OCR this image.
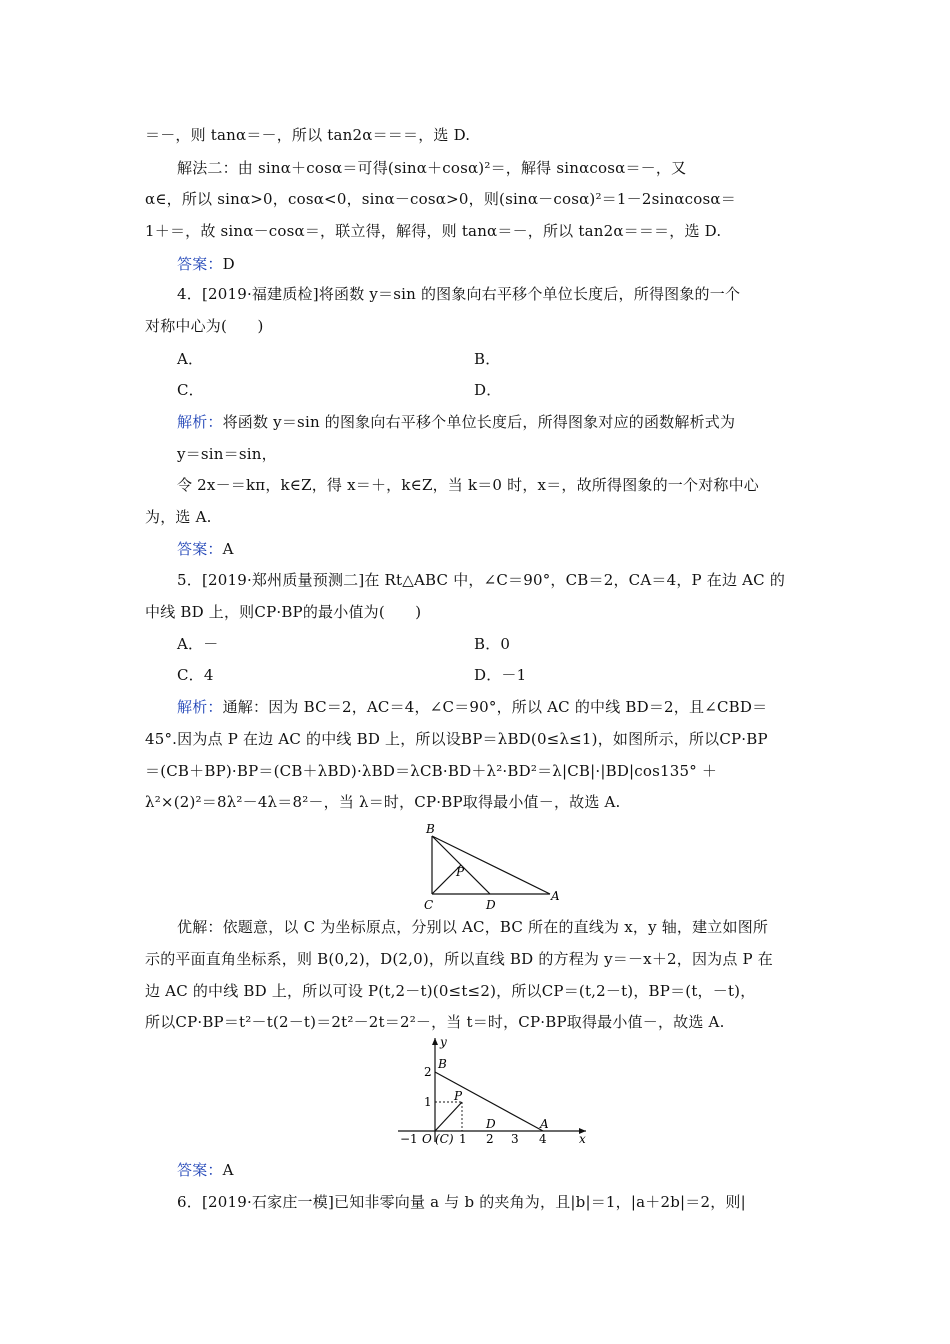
＝－，则 tanα＝－，所以 tan2α＝＝＝，选 D.
解法二：由 sinα＋cosα＝可得(sinα＋cosα)²＝，解得 sinαcosα＝－，又
α∈，所以 sinα>0，cosα<0，sinα－cosα>0，则(sinα－cosα)²＝1－2sinαcosα＝
1＋＝，故 sinα－cosα＝，联立得，解得，则 tanα＝－，所以 tan2α＝＝＝，选 D.
答案：D
4．[2019·福建质检]将函数 y＝sin 的图象向右平移个单位长度后，所得图象的一个
对称中心为(　　)
A．	B．
C．	D．
解析：将函数 y＝sin 的图象向右平移个单位长度后，所得图象对应的函数解析式为
y＝sin＝sin，
令 2x－＝kπ，k∈Z，得 x＝＋，k∈Z，当 k＝0 时，x＝，故所得图象的一个对称中心
为，选 A.
答案：A
5．[2019·郑州质量预测二]在 Rt△ABC 中，∠C＝90°，CB＝2，CA＝4，P 在边 AC 的
中线 BD 上，则CP·BP的最小值为(　　)
A．－	B．0
C．4	D．－1
解析：通解：因为 BC＝2，AC＝4，∠C＝90°，所以 AC 的中线 BD＝2，且∠CBD＝
45°.因为点 P 在边 AC 的中线 BD 上，所以设BP＝λBD(0≤λ≤1)，如图所示，所以CP·BP
＝(CB＋BP)·BP＝(CB＋λBD)·λBD＝λCB·BD＋λ²·BD²＝λ|CB|·|BD|cos135° ＋
λ²×(2)²＝8λ²－4λ＝8²－，当 λ＝时，CP·BP取得最小值－，故选 A.
B
P
C	D
A
优解：依题意，以 C 为坐标原点，分别以 AC，BC 所在的直线为 x，y 轴，建立如图所
示的平面直角坐标系，则 B(0,2)，D(2,0)，所以直线 BD 的方程为 y＝－x＋2，因为点 P 在
边 AC 的中线 BD 上，所以可设 P(t,2－t)(0≤t≤2)，所以CP＝(t,2－t)，BP＝(t，－t)，
所以CP·BP＝t²－t(2－t)＝2t²－2t＝2²－，当 t＝时，CP·BP取得最小值－，故选 A.
y
x
B
P
D	A
2
1
−1 O (C) 1 2 3 4
答案：A
6．[2019·石家庄一模]已知非零向量 a 与 b 的夹角为，且|b|＝1，|a＋2b|＝2，则|
